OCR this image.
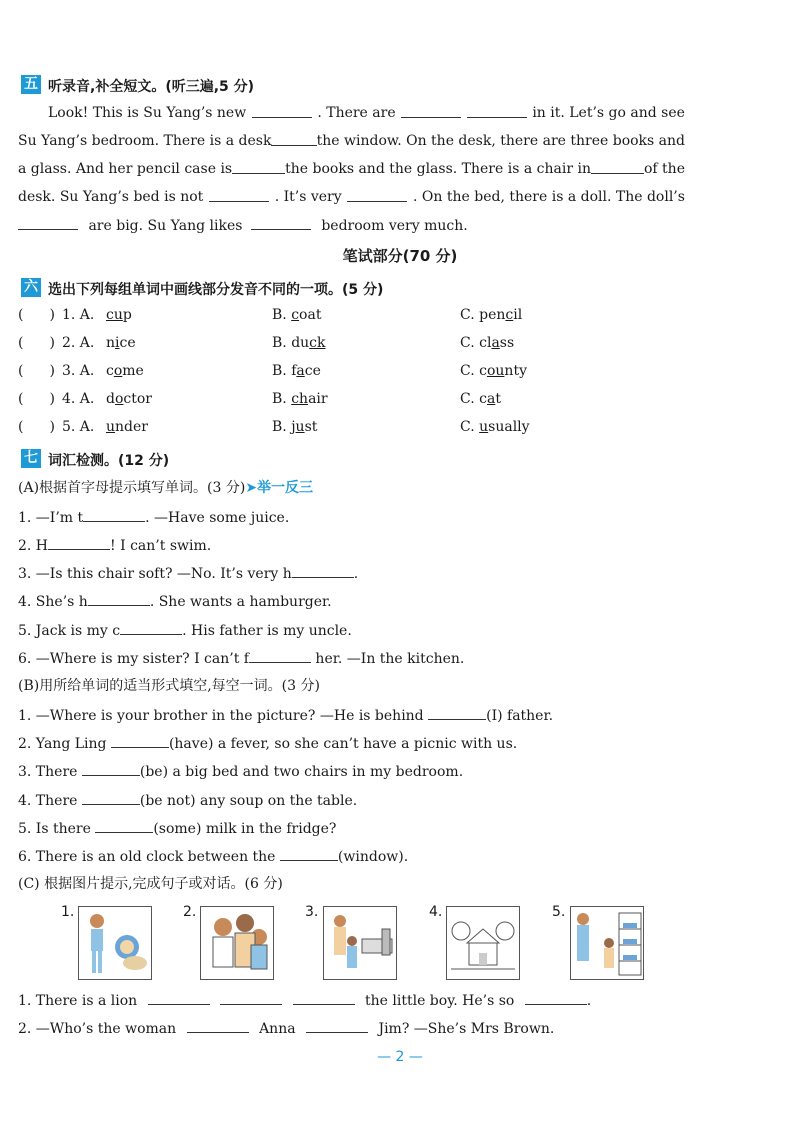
五 听录音,补全短文。(听三遍,5 分)
Look! This is Su Yang’s new	. There are	in it. Let’s go and see
Su Yang’s bedroom. There is a desk	the window. On the desk, there are three books and
a glass. And her pencil case is	the books and the glass. There is a chair in	of the
desk. Su Yang’s bed is not	. It’s very	. On the bed, there is a doll. The doll’s
are big. Su Yang likes	bedroom very much.
笔试部分(70 分)
六 选出下列每组单词中画线部分发音不同的一项。(5 分)
( ) 1. A. cup	B. coat	C. pencil
( ) 2. A. nice	B. duck	C. class
( ) 3. A. come	B. face	C. county
( ) 4. A. doctor	B. chair	C. cat
( ) 5. A. under	B. just	C. usually
七 词汇检测。(12 分)
(A)根据首字母提示填写单词。(3 分)➤举一反三
1. —I’m t	. —Have some juice.
2. H	! I can’t swim.
3. —Is this chair soft? —No. It’s very h	.
4. She’s h	. She wants a hamburger.
5. Jack is my c	. His father is my uncle.
6. —Where is my sister? I can’t f	her. —In the kitchen.
(B)用所给单词的适当形式填空,每空一词。(3 分)
1. —Where is your brother in the picture? —He is behind	(I) father.
2. Yang Ling	(have) a fever, so she can’t have a picnic with us.
3. There	(be) a big bed and two chairs in my bedroom.
4. There	(be not) any soup on the table.
5. Is there	(some) milk in the fridge?
6. There is an old clock between the	(window).
(C) 根据图片提示,完成句子或对话。(6 分)
1.	2.	3.	4.	5.
1. There is a lion	the little boy. He’s so	.
2. —Who’s the woman	Anna	Jim? —She’s Mrs Brown.
— 2 —
